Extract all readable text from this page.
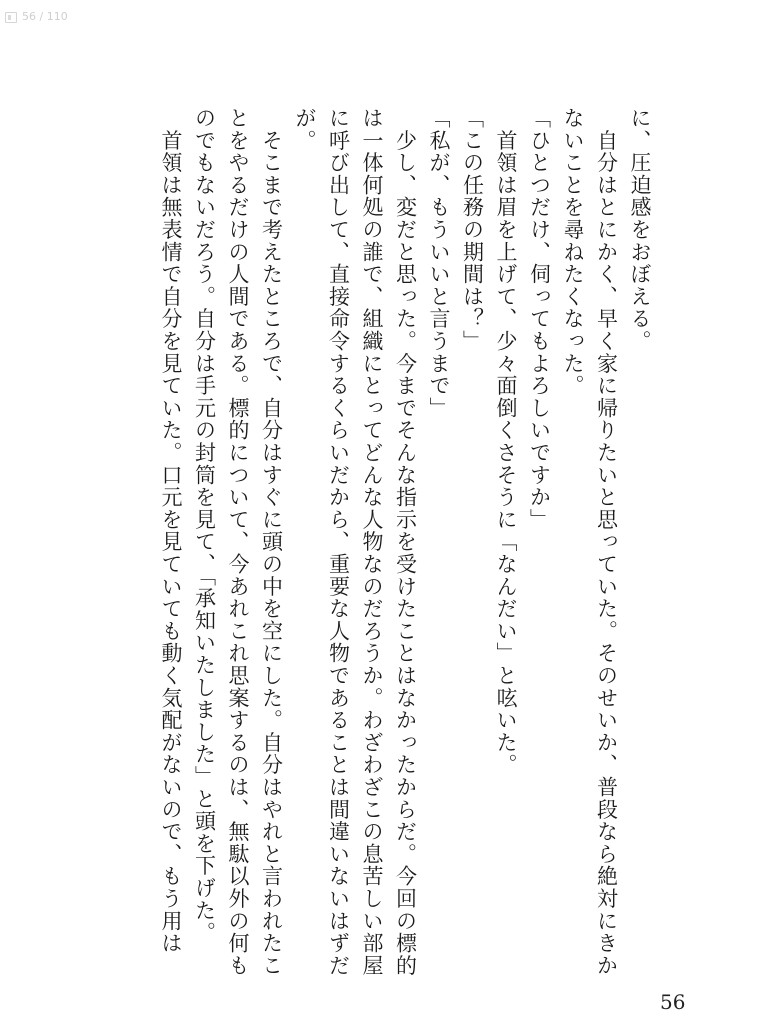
56 / 110

に、圧迫感をおぼえる。

　自分はとにかく、早く家に帰りたいと思っていた。そのせいか、普段なら絶対にきかないことを尋ねたくなった。

「ひとつだけ、伺ってもよろしいですか」

　首領は眉を上げて、少々面倒くさそうに「なんだい」と呟いた。

「この任務の期間は？」

「私が、もういいと言うまで」

　少し、変だと思った。今までそんな指示を受けたことはなかったからだ。今回の標的は一体何処の誰で、組織にとってどんな人物なのだろうか。わざわざこの息苦しい部屋に呼び出して、直接命令するくらいだから、重要な人物であることは間違いないはずだが。

　そこまで考えたところで、自分はすぐに頭の中を空にした。自分はやれと言われたことをやるだけの人間である。標的について、今あれこれ思案するのは、無駄以外の何ものでもないだろう。自分は手元の封筒を見て、「承知いたしました」と頭を下げた。

　首領は無表情で自分を見ていた。口元を見ていても動く気配がないので、もう用は

56
